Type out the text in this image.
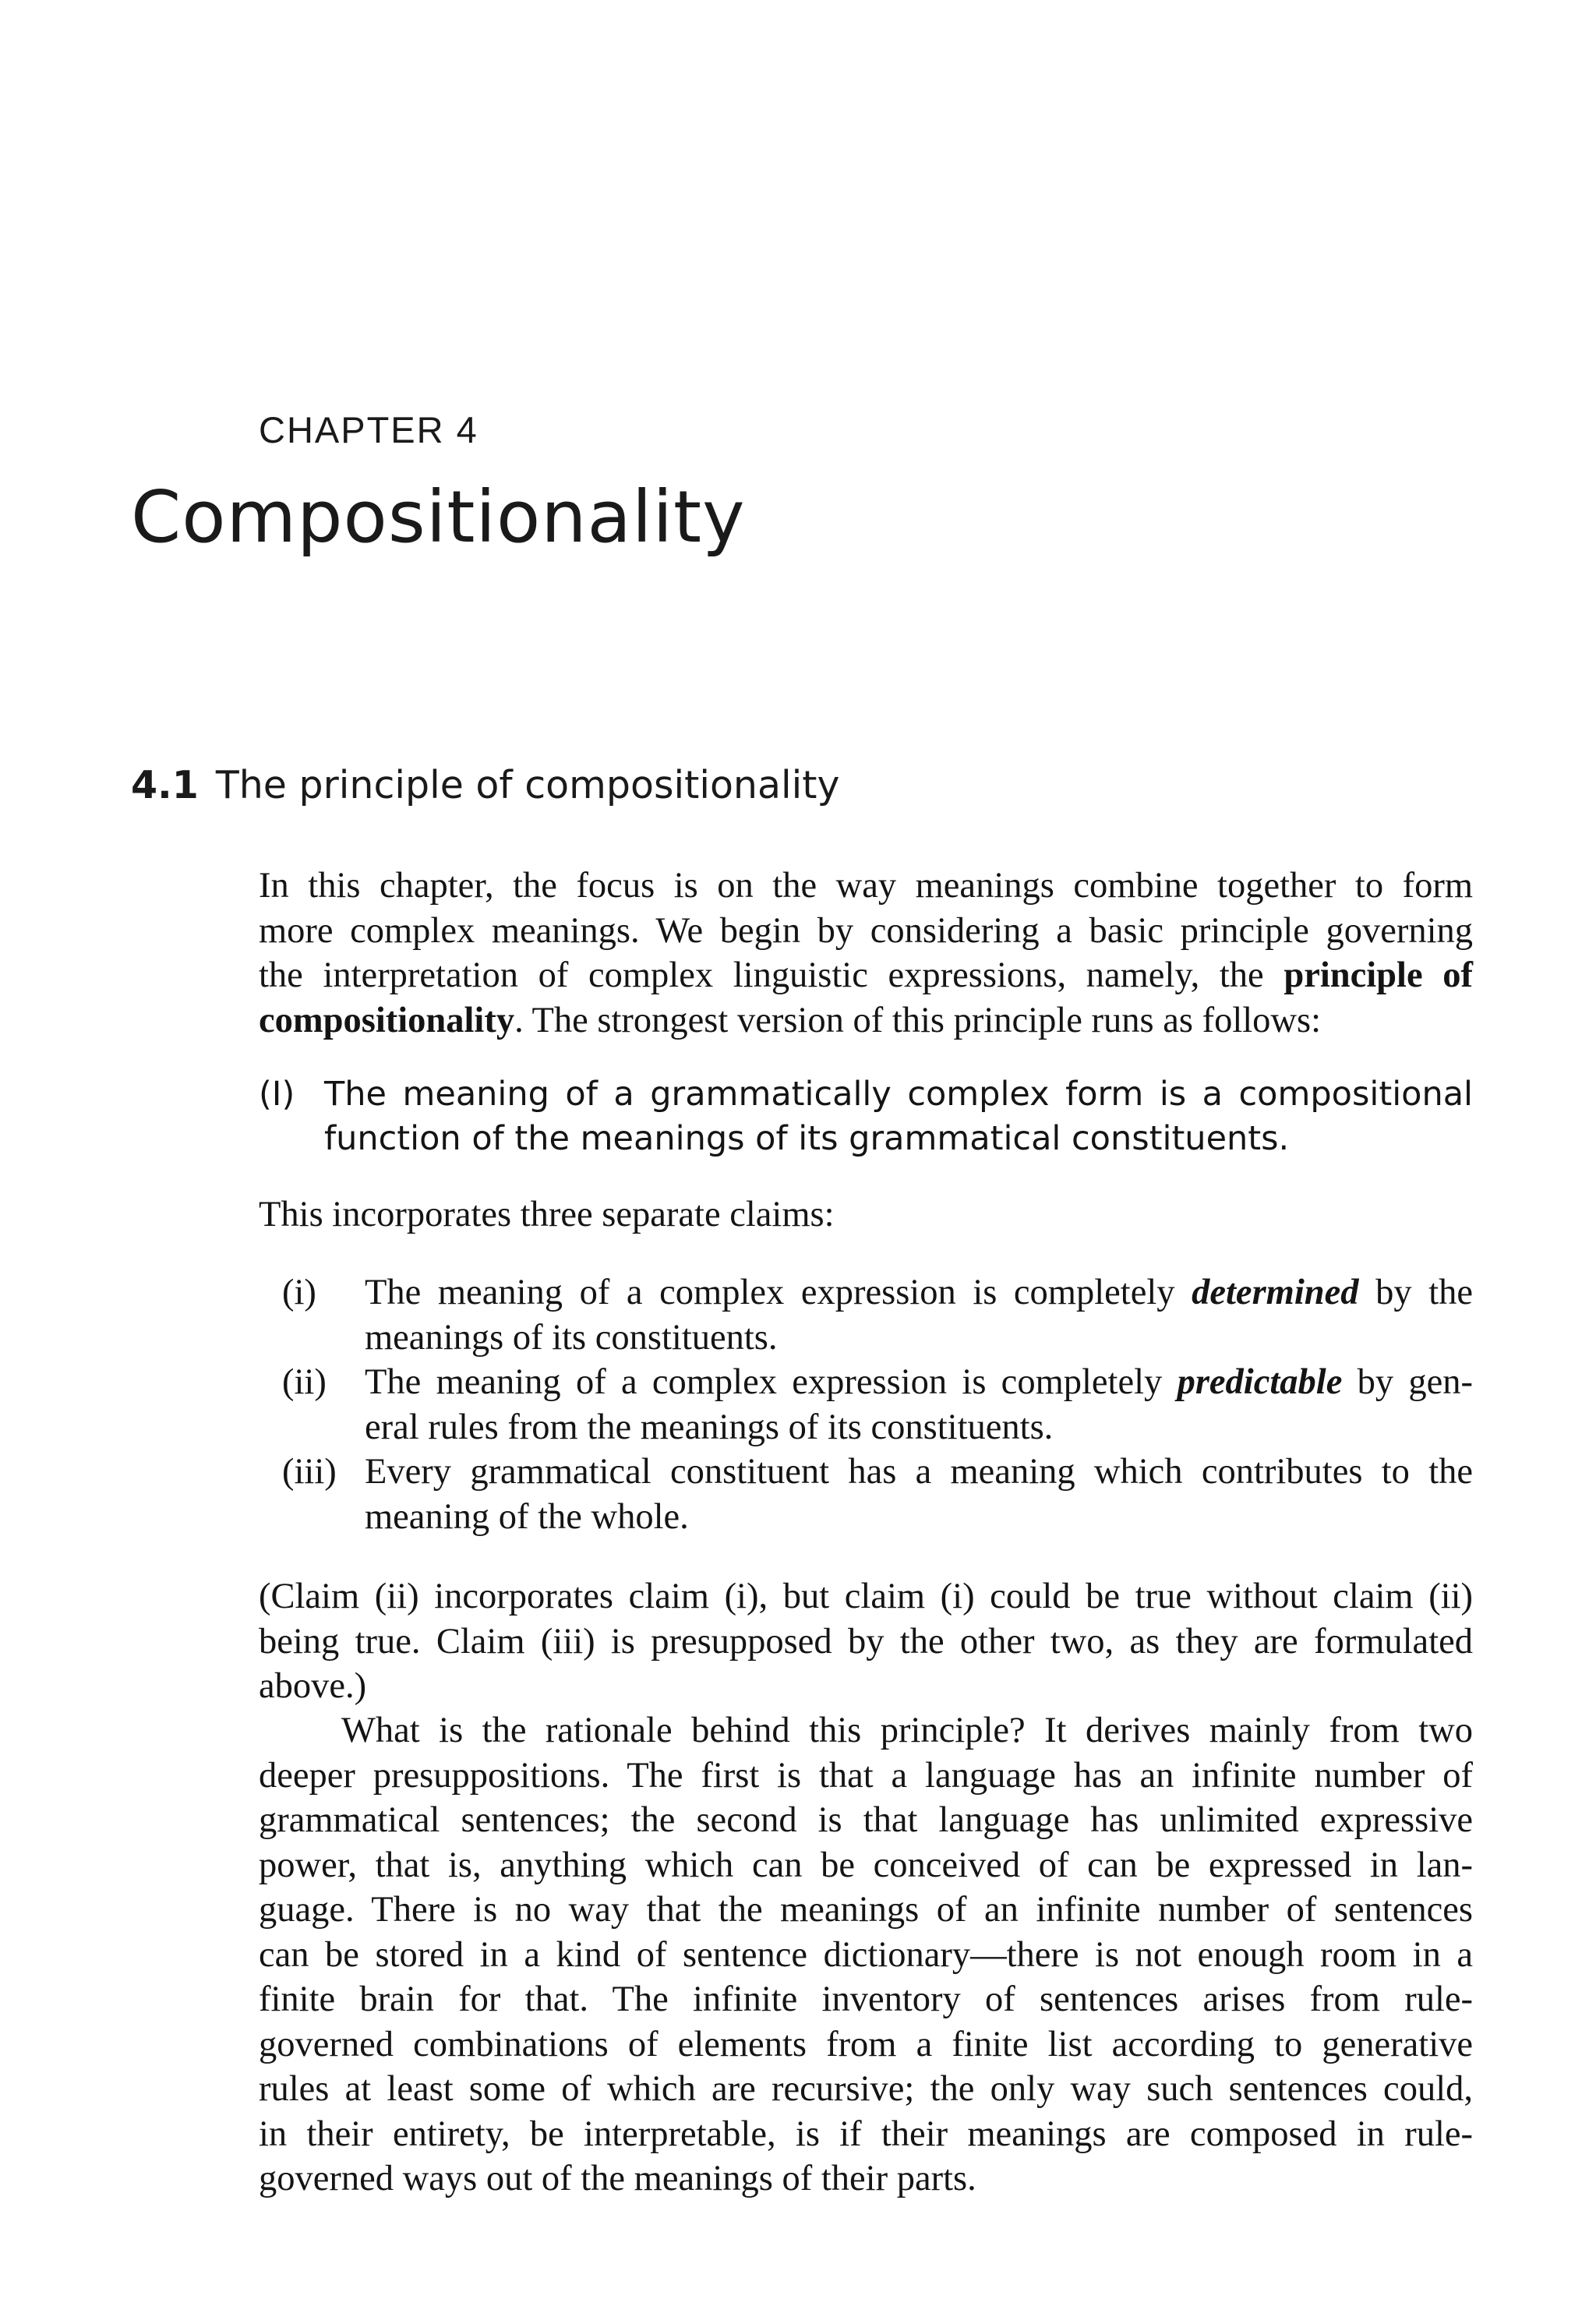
CHAPTER 4
Compositionality
4.1 The principle of compositionality
In this chapter, the focus is on the way meanings combine together to form
more complex meanings. We begin by considering a basic principle governing
the interpretation of complex linguistic expressions, namely, the principle of
compositionality. The strongest version of this principle runs as follows:
(I) The meaning of a grammatically complex form is a compositional
function of the meanings of its grammatical constituents.
This incorporates three separate claims:
(i) The meaning of a complex expression is completely determined by the
meanings of its constituents.
(ii) The meaning of a complex expression is completely predictable by gen-
eral rules from the meanings of its constituents.
(iii) Every grammatical constituent has a meaning which contributes to the
meaning of the whole.
(Claim (ii) incorporates claim (i), but claim (i) could be true without claim (ii)
being true. Claim (iii) is presupposed by the other two, as they are formulated
above.)
What is the rationale behind this principle? It derives mainly from two
deeper presuppositions. The first is that a language has an infinite number of
grammatical sentences; the second is that language has unlimited expressive
power, that is, anything which can be conceived of can be expressed in lan-
guage. There is no way that the meanings of an infinite number of sentences
can be stored in a kind of sentence dictionary—there is not enough room in a
finite brain for that. The infinite inventory of sentences arises from rule-
governed combinations of elements from a finite list according to generative
rules at least some of which are recursive; the only way such sentences could,
in their entirety, be interpretable, is if their meanings are composed in rule-
governed ways out of the meanings of their parts.
